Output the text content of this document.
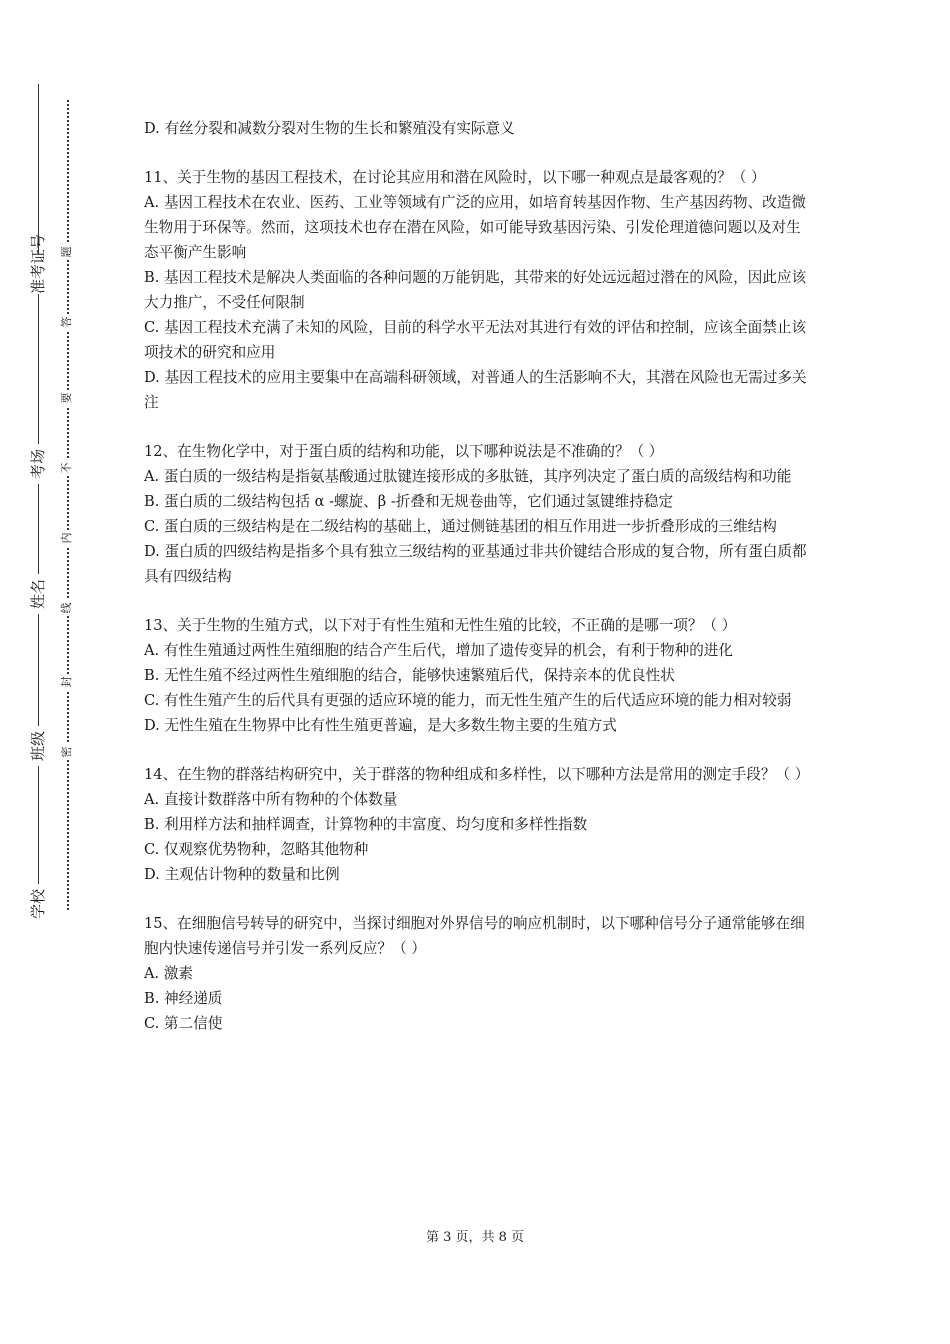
准考证号
考场
姓名
班级
学校
题
答
要
不
内
线
封
密
D. 有丝分裂和减数分裂对生物的生长和繁殖没有实际意义
11、关于生物的基因工程技术，在讨论其应用和潜在风险时，以下哪一种观点是最客观的？（ ）
A. 基因工程技术在农业、医药、工业等领域有广泛的应用，如培育转基因作物、生产基因药物、改造微生物用于环保等。然而，这项技术也存在潜在风险，如可能导致基因污染、引发伦理道德问题以及对生态平衡产生影响
B. 基因工程技术是解决人类面临的各种问题的万能钥匙，其带来的好处远远超过潜在的风险，因此应该大力推广，不受任何限制
C. 基因工程技术充满了未知的风险，目前的科学水平无法对其进行有效的评估和控制，应该全面禁止该项技术的研究和应用
D. 基因工程技术的应用主要集中在高端科研领域，对普通人的生活影响不大，其潜在风险也无需过多关注
12、在生物化学中，对于蛋白质的结构和功能，以下哪种说法是不准确的？（ ）
A. 蛋白质的一级结构是指氨基酸通过肽键连接形成的多肽链，其序列决定了蛋白质的高级结构和功能
B. 蛋白质的二级结构包括 α -螺旋、β -折叠和无规卷曲等，它们通过氢键维持稳定
C. 蛋白质的三级结构是在二级结构的基础上，通过侧链基团的相互作用进一步折叠形成的三维结构
D. 蛋白质的四级结构是指多个具有独立三级结构的亚基通过非共价键结合形成的复合物，所有蛋白质都具有四级结构
13、关于生物的生殖方式，以下对于有性生殖和无性生殖的比较，不正确的是哪一项？（ ）
A. 有性生殖通过两性生殖细胞的结合产生后代，增加了遗传变异的机会，有利于物种的进化
B. 无性生殖不经过两性生殖细胞的结合，能够快速繁殖后代，保持亲本的优良性状
C. 有性生殖产生的后代具有更强的适应环境的能力，而无性生殖产生的后代适应环境的能力相对较弱
D. 无性生殖在生物界中比有性生殖更普遍，是大多数生物主要的生殖方式
14、在生物的群落结构研究中，关于群落的物种组成和多样性，以下哪种方法是常用的测定手段？（ ）
A. 直接计数群落中所有物种的个体数量
B. 利用样方法和抽样调查，计算物种的丰富度、均匀度和多样性指数
C. 仅观察优势物种，忽略其他物种
D. 主观估计物种的数量和比例
15、在细胞信号转导的研究中，当探讨细胞对外界信号的响应机制时，以下哪种信号分子通常能够在细胞内快速传递信号并引发一系列反应？（ ）
A. 激素
B. 神经递质
C. 第二信使
第 3 页，共 8 页
